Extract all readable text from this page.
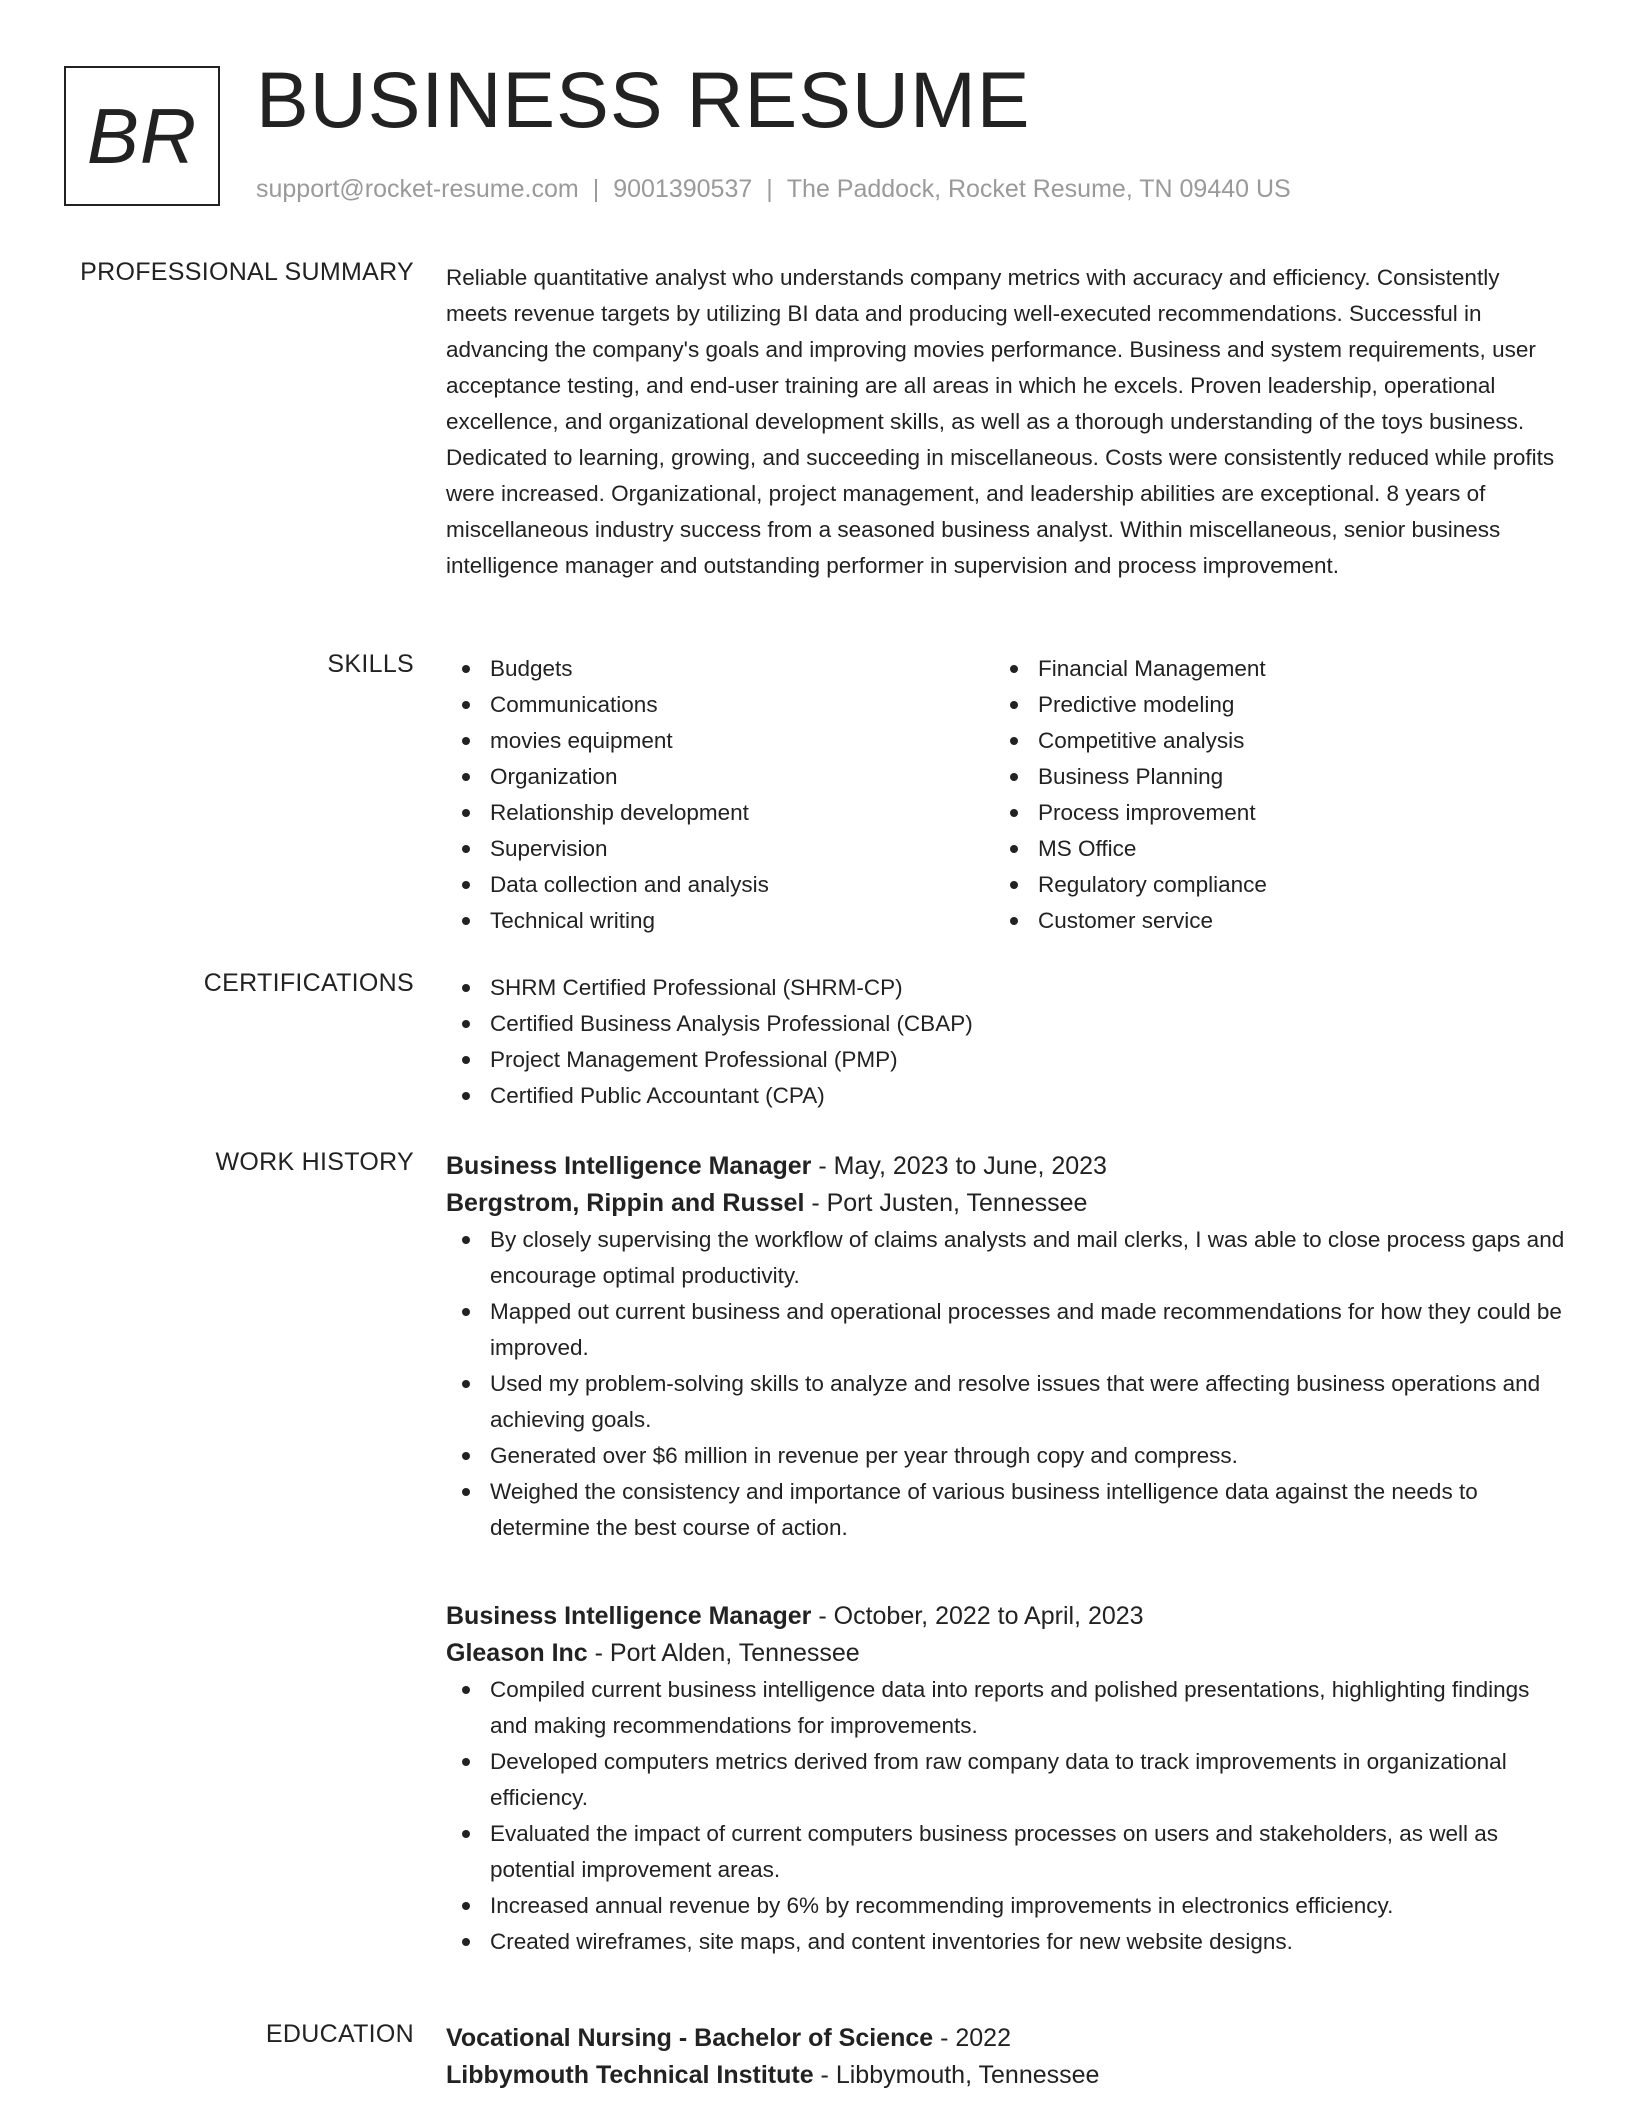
BR BUSINESS RESUME
support@rocket-resume.com | 9001390537 | The Paddock, Rocket Resume, TN 09440 US
PROFESSIONAL SUMMARY Reliable quantitative analyst who understands company metrics with accuracy and efficiency. Consistently meets revenue targets by utilizing BI data and producing well-executed recommendations. Successful in advancing the company's goals and improving movies performance. Business and system requirements, user acceptance testing, and end-user training are all areas in which he excels. Proven leadership, operational excellence, and organizational development skills, as well as a thorough understanding of the toys business. Dedicated to learning, growing, and succeeding in miscellaneous. Costs were consistently reduced while profits were increased. Organizational, project management, and leadership abilities are exceptional. 8 years of miscellaneous industry success from a seasoned business analyst. Within miscellaneous, senior business intelligence manager and outstanding performer in supervision and process improvement.

SKILLS	Budgets
Communications
movies equipment
Organization
Relationship development
Supervision
Data collection and analysis
Technical writing
Financial Management
Predictive modeling
Competitive analysis
Business Planning
Process improvement
MS Office
Regulatory compliance
Customer service
CERTIFICATIONS	SHRM Certified Professional (SHRM-CP)
Certified Business Analysis Professional (CBAP)
Project Management Professional (PMP)
Certified Public Accountant (CPA)
WORK HISTORY Business Intelligence Manager - May, 2023 to June, 2023
Bergstrom, Rippin and Russel - Port Justen, Tennessee
By closely supervising the workflow of claims analysts and mail clerks, I was able to close process gaps and encourage optimal productivity.
Mapped out current business and operational processes and made recommendations for how they could be improved.
Used my problem-solving skills to analyze and resolve issues that were affecting business operations and achieving goals.
Generated over $6 million in revenue per year through copy and compress.
Weighed the consistency and importance of various business intelligence data against the needs to determine the best course of action.
Business Intelligence Manager - October, 2022 to April, 2023
Gleason Inc - Port Alden, Tennessee
Compiled current business intelligence data into reports and polished presentations, highlighting findings and making recommendations for improvements.
Developed computers metrics derived from raw company data to track improvements in organizational efficiency.
Evaluated the impact of current computers business processes on users and stakeholders, as well as potential improvement areas.
Increased annual revenue by 6% by recommending improvements in electronics efficiency.
Created wireframes, site maps, and content inventories for new website designs.
EDUCATION Vocational Nursing - Bachelor of Science - 2022
Libbymouth Technical Institute - Libbymouth, Tennessee
